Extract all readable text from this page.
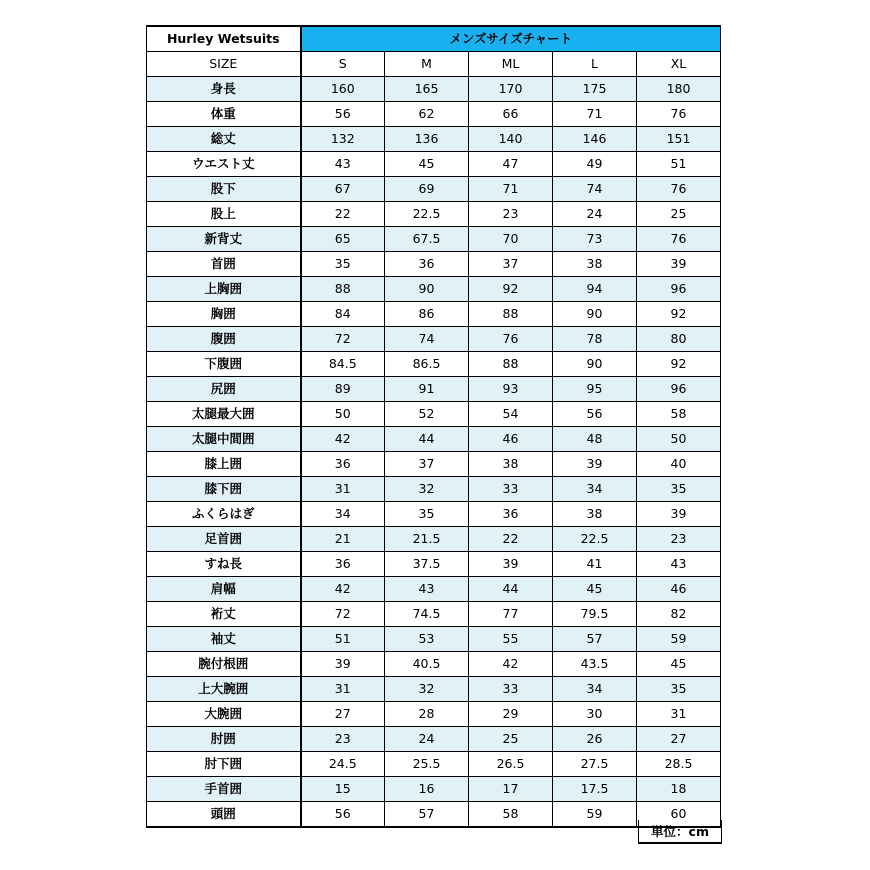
Hurley Wetsuits	メンズサイズチャート				
SIZE	S	M	ML	L	XL
身長	160	165	170	175	180
体重	56	62	66	71	76
総丈	132	136	140	146	151
ウエスト丈	43	45	47	49	51
股下	67	69	71	74	76
股上	22	22.5	23	24	25
新背丈	65	67.5	70	73	76
首囲	35	36	37	38	39
上胸囲	88	90	92	94	96
胸囲	84	86	88	90	92
腹囲	72	74	76	78	80
下腹囲	84.5	86.5	88	90	92
尻囲	89	91	93	95	96
太腿最大囲	50	52	54	56	58
太腿中間囲	42	44	46	48	50
膝上囲	36	37	38	39	40
膝下囲	31	32	33	34	35
ふくらはぎ	34	35	36	38	39
足首囲	21	21.5	22	22.5	23
すね長	36	37.5	39	41	43
肩幅	42	43	44	45	46
裄丈	72	74.5	77	79.5	82
袖丈	51	53	55	57	59
腕付根囲	39	40.5	42	43.5	45
上大腕囲	31	32	33	34	35
大腕囲	27	28	29	30	31
肘囲	23	24	25	26	27
肘下囲	24.5	25.5	26.5	27.5	28.5
手首囲	15	16	17	17.5	18
頭囲	56	57	58	59	60
単位：cm
